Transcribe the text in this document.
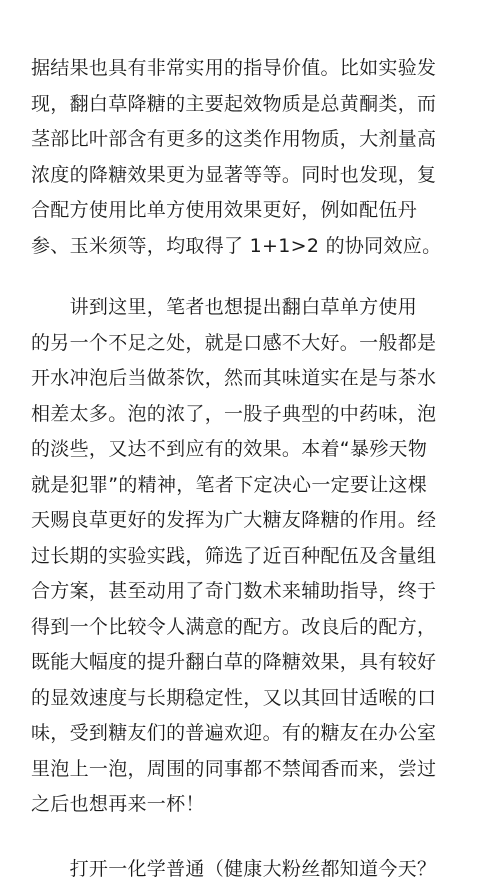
据结果也具有非常实用的指导价值。比如实验发
现，翻白草降糖的主要起效物质是总黄酮类，而
茎部比叶部含有更多的这类作用物质，大剂量高
浓度的降糖效果更为显著等等。同时也发现，复
合配方使用比单方使用效果更好，例如配伍丹
参、玉米须等，均取得了 1+1>2 的协同效应。
　　讲到这里，笔者也想提出翻白草单方使用
的另一个不足之处，就是口感不大好。一般都是
开水冲泡后当做茶饮，然而其味道实在是与茶水
相差太多。泡的浓了，一股子典型的中药味，泡
的淡些，又达不到应有的效果。本着“暴殄天物
就是犯罪”的精神，笔者下定决心一定要让这棵
天赐良草更好的发挥为广大糖友降糖的作用。经
过长期的实验实践，筛选了近百种配伍及含量组
合方案，甚至动用了奇门数术来辅助指导，终于
得到一个比较令人满意的配方。改良后的配方，
既能大幅度的提升翻白草的降糖效果，具有较好
的显效速度与长期稳定性，又以其回甘适喉的口
味，受到糖友们的普遍欢迎。有的糖友在办公室
里泡上一泡，周围的同事都不禁闻香而来，尝过
之后也想再来一杯！
　　打开一化学普通（健康大粉丝都知道今天？
